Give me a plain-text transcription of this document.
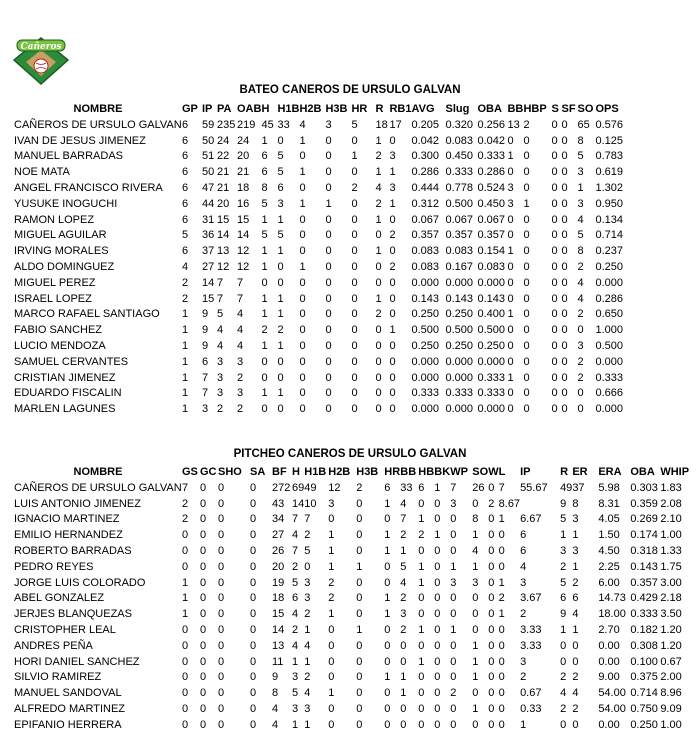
Cañeros
BATEO CANEROS DE URSULO GALVAN
NOMBRE	GP	IP	PA	OAB	H	H1B	H2B	H3B	HR	R	RB1	AVG	Slug	OBA	BB	HBP	S	SF	SO	OPS
CAÑEROS DE URSULO GALVAN	6	59	235	219	45	33	4	3	5	18	17	0.205	0.320	0.256	13	2	0	0	65	0.576
IVAN DE JESUS JIMENEZ	6	50	24	24	1	0	1	0	0	1	0	0.042	0.083	0.042	0	0	0	0	8	0.125
MANUEL BARRADAS	6	51	22	20	6	5	0	0	1	2	3	0.300	0.450	0.333	1	0	0	0	5	0.783
NOE MATA	6	50	21	21	6	5	1	0	0	1	1	0.286	0.333	0.286	0	0	0	0	3	0.619
ANGEL FRANCISCO RIVERA	6	47	21	18	8	6	0	0	2	4	3	0.444	0.778	0.524	3	0	0	0	1	1.302
YUSUKE INOGUCHI	6	44	20	16	5	3	1	1	0	2	1	0.312	0.500	0.450	3	1	0	0	3	0.950
RAMON LOPEZ	6	31	15	15	1	1	0	0	0	1	0	0.067	0.067	0.067	0	0	0	0	4	0.134
MIGUEL AGUILAR	5	36	14	14	5	5	0	0	0	0	2	0.357	0.357	0.357	0	0	0	0	5	0.714
IRVING MORALES	6	37	13	12	1	1	0	0	0	1	0	0.083	0.083	0.154	1	0	0	0	8	0.237
ALDO DOMINGUEZ	4	27	12	12	1	0	1	0	0	0	2	0.083	0.167	0.083	0	0	0	0	2	0.250
MIGUEL PEREZ	2	14	7	7	0	0	0	0	0	0	0	0.000	0.000	0.000	0	0	0	0	4	0.000
ISRAEL LOPEZ	2	15	7	7	1	1	0	0	0	1	0	0.143	0.143	0.143	0	0	0	0	4	0.286
MARCO RAFAEL SANTIAGO	1	9	5	4	1	1	0	0	0	2	0	0.250	0.250	0.400	1	0	0	0	2	0.650
FABIO SANCHEZ	1	9	4	4	2	2	0	0	0	0	1	0.500	0.500	0.500	0	0	0	0	0	1.000
LUCIO MENDOZA	1	9	4	4	1	1	0	0	0	0	0	0.250	0.250	0.250	0	0	0	0	3	0.500
SAMUEL CERVANTES	1	6	3	3	0	0	0	0	0	0	0	0.000	0.000	0.000	0	0	0	0	2	0.000
CRISTIAN JIMENEZ	1	7	3	2	0	0	0	0	0	0	0	0.000	0.000	0.333	1	0	0	0	2	0.333
EDUARDO FISCALIN	1	7	3	3	1	1	0	0	0	0	0	0.333	0.333	0.333	0	0	0	0	0	0.666
MARLEN LAGUNES	1	3	2	2	0	0	0	0	0	0	0	0.000	0.000	0.000	0	0	0	0	0	0.000
PITCHEO CANEROS DE URSULO GALVAN
NOMBRE	GS	GC	SHO	SA	BF	H	H1B	H2B	H3B	HR	BB	HB	BK	WP	SO	W	L	IP	R	ER	ERA	OBA	WHIP
CAÑEROS DE URSULO GALVAN	7	0	0	0	272	69	49	12	2	6	33	6	1	7	26	0	7	55.67	49	37	5.98	0.303	1.83
LUIS ANTONIO JIMENEZ	2	0	0	0	43	14	10	3	0	1	4	0	0	3	0	2	8.67		9	8	8.31	0.359	2.08
IGNACIO MARTINEZ	2	0	0	0	34	7	7	0	0	0	7	1	0	0	8	0	1	6.67	5	3	4.05	0.269	2.10
EMILIO HERNANDEZ	0	0	0	0	27	4	2	1	0	1	2	2	1	0	1	0	0	6	1	1	1.50	0.174	1.00
ROBERTO BARRADAS	0	0	0	0	26	7	5	1	0	1	1	0	0	0	4	0	0	6	3	3	4.50	0.318	1.33
PEDRO REYES	0	0	0	0	20	2	0	1	1	0	5	1	0	1	1	0	0	4	2	1	2.25	0.143	1.75
JORGE LUIS COLORADO	1	0	0	0	19	5	3	2	0	0	4	1	0	3	3	0	1	3	5	2	6.00	0.357	3.00
ABEL GONZALEZ	1	0	0	0	18	6	3	2	0	1	2	0	0	0	0	0	2	3.67	6	6	14.73	0.429	2.18
JERJES BLANQUEZAS	1	0	0	0	15	4	2	1	0	1	3	0	0	0	0	0	1	2	9	4	18.00	0.333	3.50
CRISTOPHER LEAL	0	0	0	0	14	2	1	0	1	0	2	1	0	1	0	0	0	3.33	1	1	2.70	0.182	1.20
ANDRES PEÑA	0	0	0	0	13	4	4	0	0	0	0	0	0	0	1	0	0	3.33	0	0	0.00	0.308	1.20
HORI DANIEL SANCHEZ	0	0	0	0	11	1	1	0	0	0	0	1	0	0	1	0	0	3	0	0	0.00	0.100	0.67
SILVIO RAMIREZ	0	0	0	0	9	3	2	0	0	1	1	0	0	0	1	0	0	2	2	2	9.00	0.375	2.00
MANUEL SANDOVAL	0	0	0	0	8	5	4	1	0	0	1	0	0	2	0	0	0	0.67	4	4	54.00	0.714	8.96
ALFREDO MARTINEZ	0	0	0	0	4	3	3	0	0	0	0	0	0	0	1	0	0	0.33	2	2	54.00	0.750	9.09
EPIFANIO HERRERA	0	0	0	0	4	1	1	0	0	0	0	0	0	0	0	0	0	1	0	0	0.00	0.250	1.00
